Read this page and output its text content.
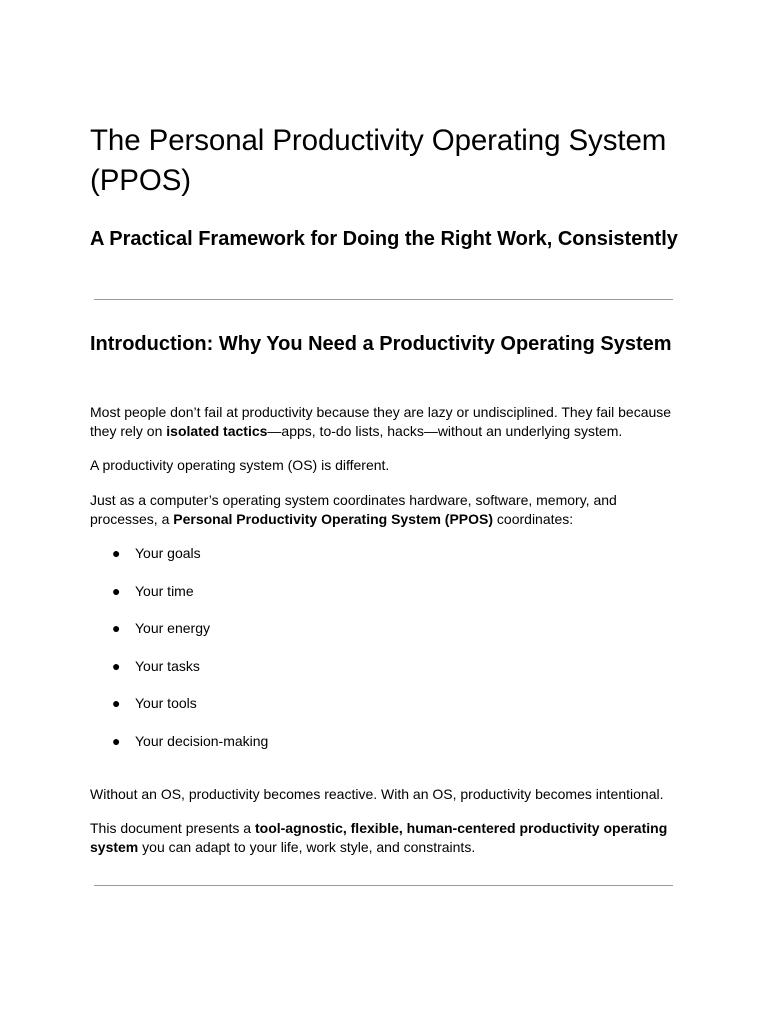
The Personal Productivity Operating System (PPOS)
A Practical Framework for Doing the Right Work, Consistently
Introduction: Why You Need a Productivity Operating System

Most people don’t fail at productivity because they are lazy or undisciplined. They fail because they rely on isolated tactics—apps, to-do lists, hacks—without an underlying system.

A productivity operating system (OS) is different.

Just as a computer’s operating system coordinates hardware, software, memory, and processes, a Personal Productivity Operating System (PPOS) coordinates:

● Your goals
● Your time
● Your energy
● Your tasks
● Your tools
● Your decision-making

Without an OS, productivity becomes reactive. With an OS, productivity becomes intentional.

This document presents a tool-agnostic, flexible, human-centered productivity operating system you can adapt to your life, work style, and constraints.
